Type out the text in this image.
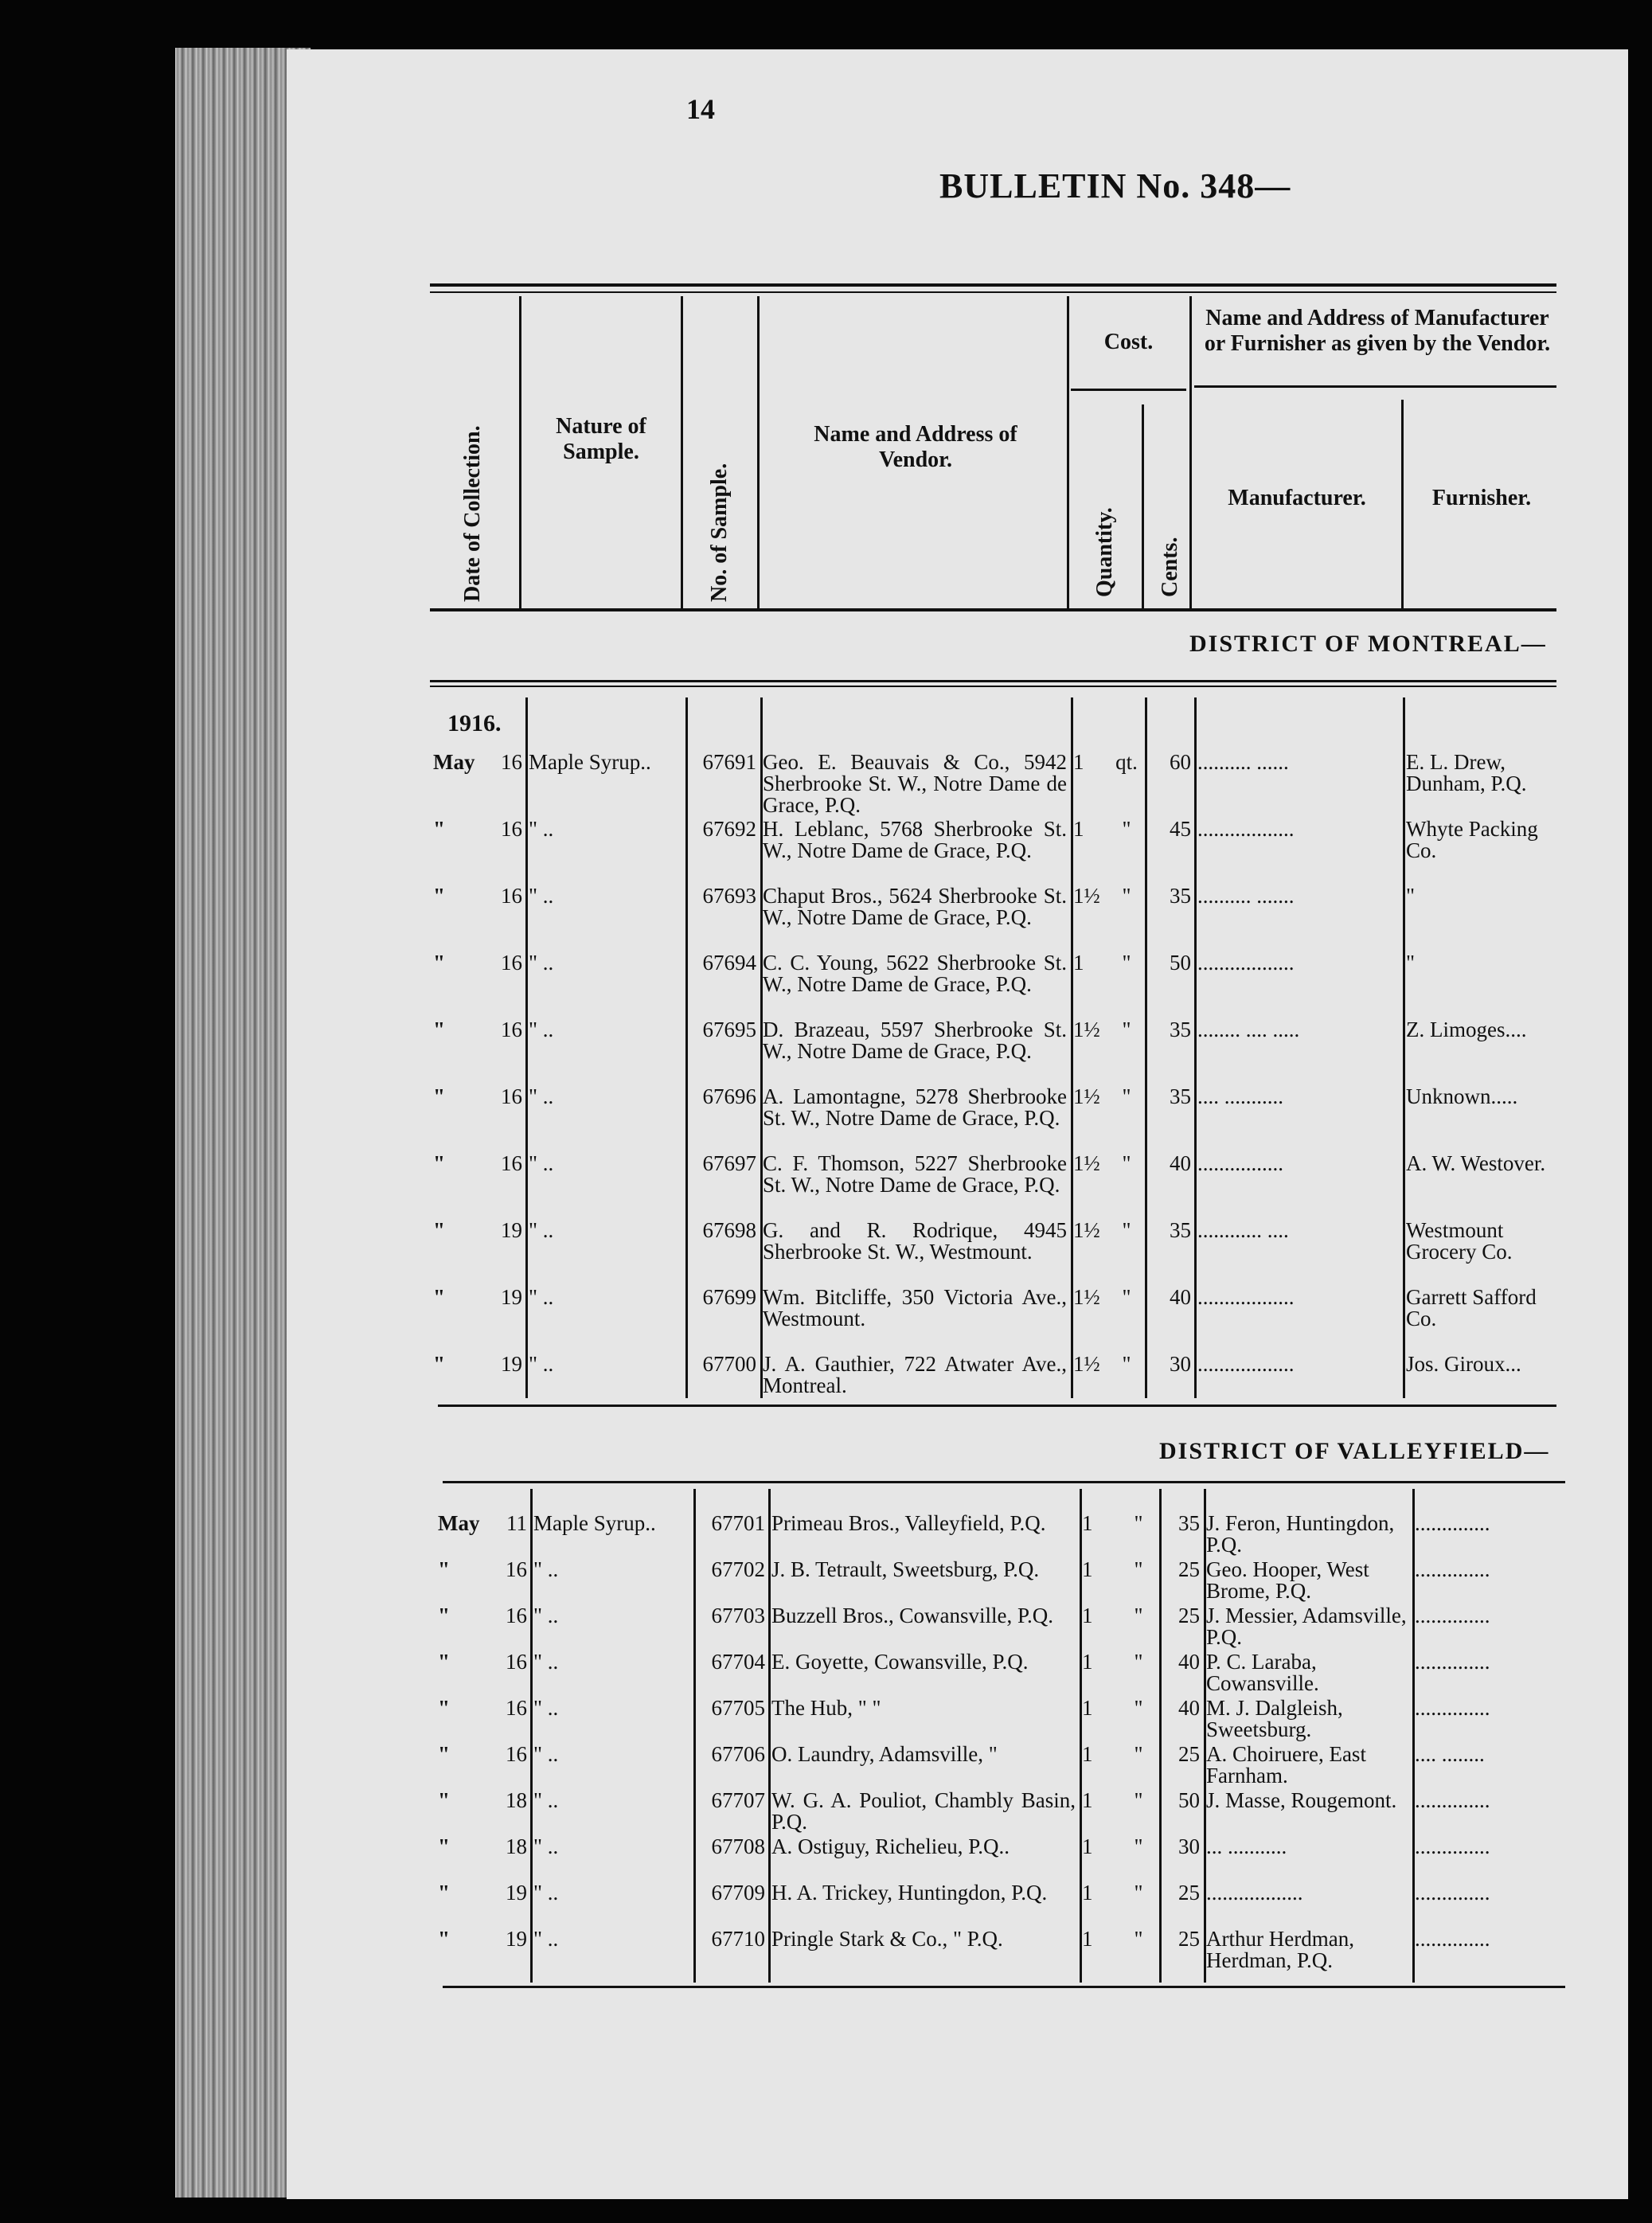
14
BULLETIN No. 348—
Date of Collection.	Nature of Sample.
No. of Sample.
Name and Address of Vendor.
Cost.
Quantity. Cents.
Name and Address of Manufacturer or Furnisher as given by the Vendor.
Manufacturer.	Furnisher.
DISTRICT OF MONTREAL—
1916.
May	16	Maple Syrup..	67691	Geo. E. Beauvais & Co., 5942 Sherbrooke St. W., Notre Dame de Grace, P.Q.	1	qt.	60	.......... ......	E. L. Drew, Dunham, P.Q.
"	16	" ..	67692	H. Leblanc, 5768 Sherbrooke St. W., Notre Dame de Grace, P.Q.	1	"	45	..................	Whyte Packing Co.
"	16	" ..	67693	Chaput Bros., 5624 Sherbrooke St. W., Notre Dame de Grace, P.Q.	1½	"	35	.......... .......	"
"	16	" ..	67694	C. C. Young, 5622 Sherbrooke St. W., Notre Dame de Grace, P.Q.	1	"	50	..................	"
"	16	" ..	67695	D. Brazeau, 5597 Sherbrooke St. W., Notre Dame de Grace, P.Q.	1½	"	35	........ .... .....	Z. Limoges....
"	16	" ..	67696	A. Lamontagne, 5278 Sherbrooke St. W., Notre Dame de Grace, P.Q.	1½	"	35	.... ...........	Unknown.....
"	16	" ..	67697	C. F. Thomson, 5227 Sherbrooke St. W., Notre Dame de Grace, P.Q.	1½	"	40	................	A. W. Westover.
"	19	" ..	67698	G. and R. Rodrique, 4945 Sherbrooke St. W., Westmount.	1½	"	35	............ ....	Westmount Grocery Co.
"	19	" ..	67699	Wm. Bitcliffe, 350 Victoria Ave., Westmount.	1½	"	40	..................	Garrett Safford Co.
"	19	" ..	67700	J. A. Gauthier, 722 Atwater Ave., Montreal.	1½	"	30	..................	Jos. Giroux...
DISTRICT OF VALLEYFIELD—
May	11	Maple Syrup..	67701	Primeau Bros., Valleyfield, P.Q.	1	"	35	J. Feron, Huntingdon, P.Q.	..............
"	16	" ..	67702	J. B. Tetrault, Sweetsburg, P.Q.	1	"	25	Geo. Hooper, West Brome, P.Q.	..............
"	16	" ..	67703	Buzzell Bros., Cowansville, P.Q.	1	"	25	J. Messier, Adamsville, P.Q.	..............
"	16	" ..	67704	E. Goyette, Cowansville, P.Q.	1	"	40	P. C. Laraba, Cowansville.	..............
"	16	" ..	67705	The Hub, " "	1	"	40	M. J. Dalgleish, Sweetsburg.	..............
"	16	" ..	67706	O. Laundry, Adamsville, "	1	"	25	A. Choiruere, East Farnham.	.... ........
"	18	" ..	67707	W. G. A. Pouliot, Chambly Basin, P.Q.	1	"	50	J. Masse, Rougemont.	..............
"	18	" ..	67708	A. Ostiguy, Richelieu, P.Q..	1	"	30	... ...........	..............
"	19	" ..	67709	H. A. Trickey, Huntingdon, P.Q.	1	"	25	..................	..............
"	19	" ..	67710	Pringle Stark & Co., " P.Q.	1	"	25	Arthur Herdman, Herdman, P.Q.	..............
